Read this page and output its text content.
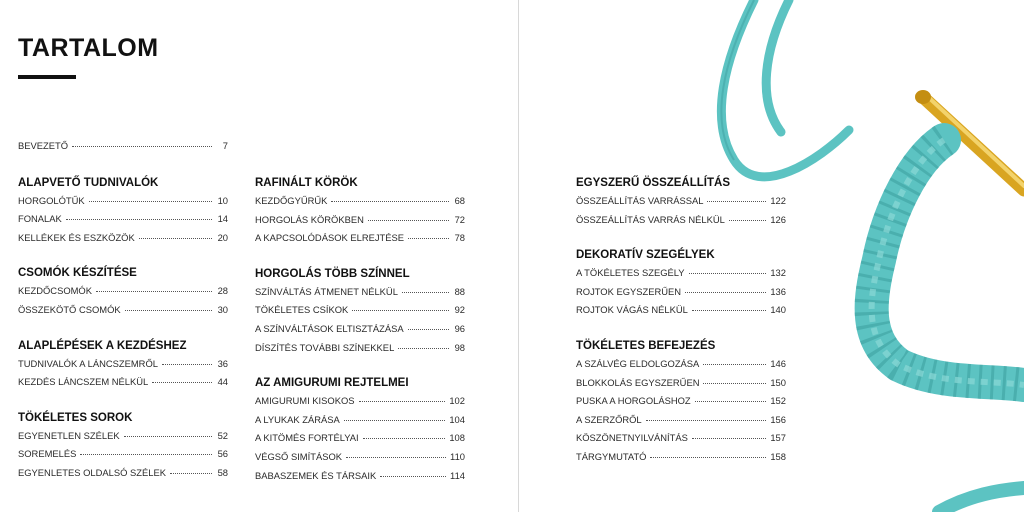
TARTALOM
BEVEZETŐ	7
ALAPVETŐ TUDNIVALÓK
HORGOLÓTŰK	10
FONALAK	14
KELLÉKEK ÉS ESZKÖZÖK	20
CSOMÓK KÉSZÍTÉSE
KEZDŐCSOMÓK	28
ÖSSZEKÖTŐ CSOMÓK	30
ALAPLÉPÉSEK A KEZDÉSHEZ
TUDNIVALÓK A LÁNCSZEMRŐL	36
KEZDÉS LÁNCSZEM NÉLKÜL	44
TÖKÉLETES SOROK
EGYENETLEN SZÉLEK	52
SOREMELÉS	56
EGYENLETES OLDALSÓ SZÉLEK	58
RAFINÁLT KÖRÖK
KEZDŐGYŰRŰK	68
HORGOLÁS KÖRÖKBEN	72
A KAPCSOLÓDÁSOK ELREJTÉSE	78
HORGOLÁS TÖBB SZÍNNEL
SZÍNVÁLTÁS ÁTMENET NÉLKÜL	88
TÖKÉLETES CSÍKOK	92
A SZÍNVÁLTÁSOK ELTISZTÁZÁSA	96
DÍSZÍTÉS TOVÁBBI SZÍNEKKEL	98
AZ AMIGURUMI REJTELMEI
AMIGURUMI KISOKOS	102
A LYUKAK ZÁRÁSA	104
A KITÖMÉS FORTÉLYAI	108
VÉGSŐ SIMÍTÁSOK	110
BABASZEMEK ÉS TÁRSAIK	114
EGYSZERŰ ÖSSZEÁLLÍTÁS
ÖSSZEÁLLÍTÁS VARRÁSSAL	122
ÖSSZEÁLLÍTÁS VARRÁS NÉLKÜL	126
DEKORATÍV SZEGÉLYEK
A TÖKÉLETES SZEGÉLY	132
ROJTOK EGYSZERŰEN	136
ROJTOK VÁGÁS NÉLKÜL	140
TÖKÉLETES BEFEJEZÉS
A SZÁLVÉG ELDOLGOZÁSA	146
BLOKKOLÁS EGYSZERŰEN	150
PUSKA A HORGOLÁSHOZ	152
A SZERZŐRŐL	156
KÖSZÖNETNYILVÁNÍTÁS	157
TÁRGYMUTATÓ	158
